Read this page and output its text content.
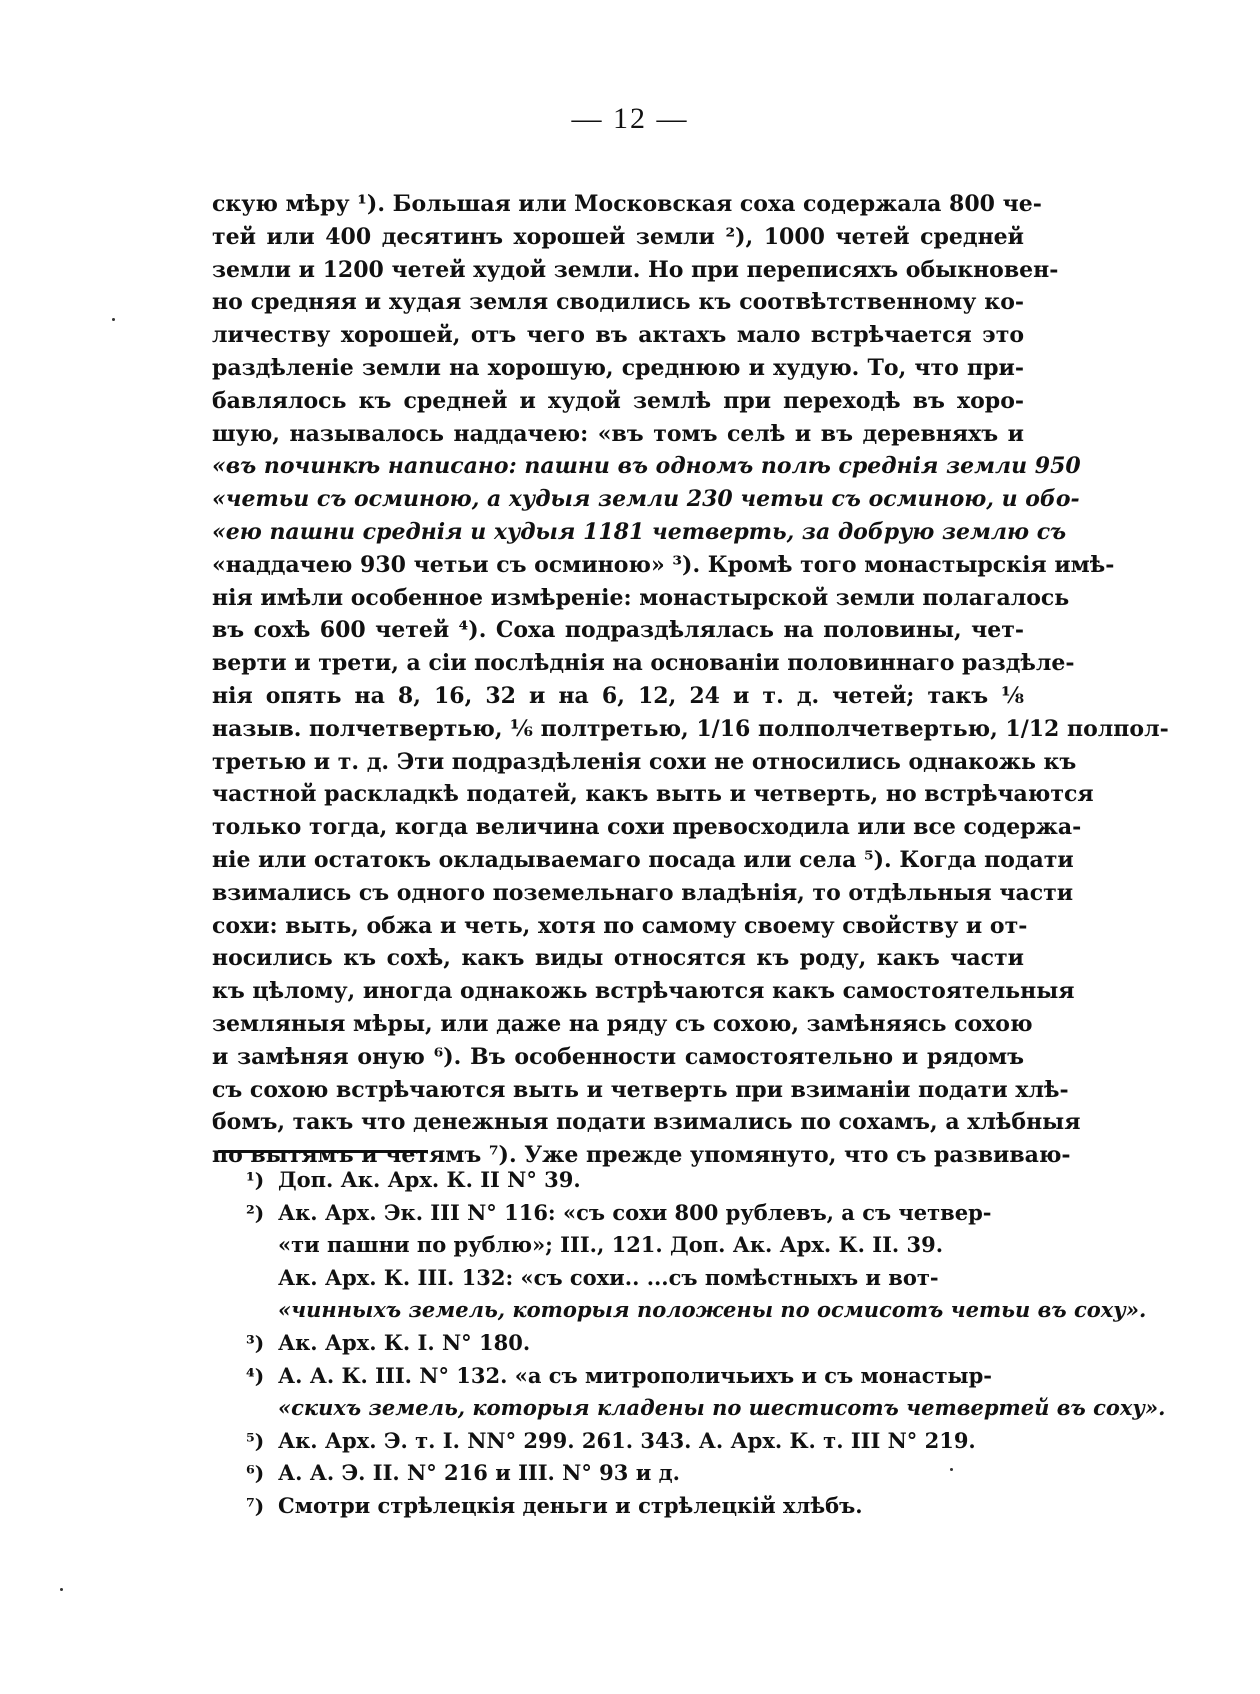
— 12 —
скую мѣру ¹). Большая или Московская соха содержала 800 че-
тей или 400 десятинъ хорошей земли ²), 1000 четей средней
земли и 1200 четей худой земли. Но при переписяхъ обыкновен-
но средняя и худая земля сводились къ соотвѣтственному ко-
личеству хорошей, отъ чего въ актахъ мало встрѣчается это
раздѣленіе земли на хорошую, среднюю и худую. То, что при-
бавлялось къ средней и худой землѣ при переходѣ въ хоро-
шую, называлось наддачею: «въ томъ селѣ и въ деревняхъ и
«въ починкѣ написано: пашни въ одномъ полѣ среднія земли 950
«четьи съ осминою, а худыя земли 230 четьи съ осминою, и обо-
«ею пашни среднія и худыя 1181 четверть, за добрую землю съ
«наддачею 930 четьи съ осминою» ³). Кромѣ того монастырскія имѣ-
нія имѣли особенное измѣреніе: монастырской земли полагалось
въ сохѣ 600 четей ⁴). Соха подраздѣлялась на половины, чет-
верти и трети, а сіи послѣднія на основаніи половиннаго раздѣле-
нія опять на 8, 16, 32 и на 6, 12, 24 и т. д. четей; такъ ⅛
назыв. полчетвертью, ⅙ полтретью, 1/16 полполчетвертью, 1/12 полпол-
третью и т. д. Эти подраздѣленія сохи не относились однакожь къ
частной раскладкѣ податей, какъ выть и четверть, но встрѣчаются
только тогда, когда величина сохи превосходила или все содержа-
ніе или остатокъ окладываемаго посада или села ⁵). Когда подати
взимались съ одного поземельнаго владѣнія, то отдѣльныя части
сохи: выть, обжа и четь, хотя по самому своему свойству и от-
носились къ сохѣ, какъ виды относятся къ роду, какъ части
къ цѣлому, иногда однакожь встрѣчаются какъ самостоятельныя
земляныя мѣры, или даже на ряду съ сохою, замѣняясь сохою
и замѣняя оную ⁶). Въ особенности самостоятельно и рядомъ
съ сохою встрѣчаются выть и четверть при взиманіи подати хлѣ-
бомъ, такъ что денежныя подати взимались по сохамъ, а хлѣбныя
по вытямъ и четямъ ⁷). Уже прежде упомянуто, что съ развиваю-
¹) Доп. Ак. Арх. К. II N° 39.
²) Ак. Арх. Эк. III N° 116: «съ сохи 800 рублевъ, а съ четвер-
«ти пашни по рублю»; III., 121. Доп. Ак. Арх. К. II. 39.
Ак. Арх. К. III. 132: «съ сохи.. ...съ помѣстныхъ и вот-
«чинныхъ земель, которыя положены по осмисотъ четьи въ соху».
³) Ак. Арх. К. I. N° 180.
⁴) А. А. К. III. N° 132. «а съ митрополичьихъ и съ монастыр-
«скихъ земель, которыя кладены по шестисотъ четвертей въ соху».
⁵) Ак. Арх. Э. т. I. NN° 299. 261. 343. А. Арх. К. т. III N° 219.
⁶) А. А. Э. II. N° 216 и III. N° 93 и д.
⁷) Смотри стрѣлецкія деньги и стрѣлецкій хлѣбъ.
